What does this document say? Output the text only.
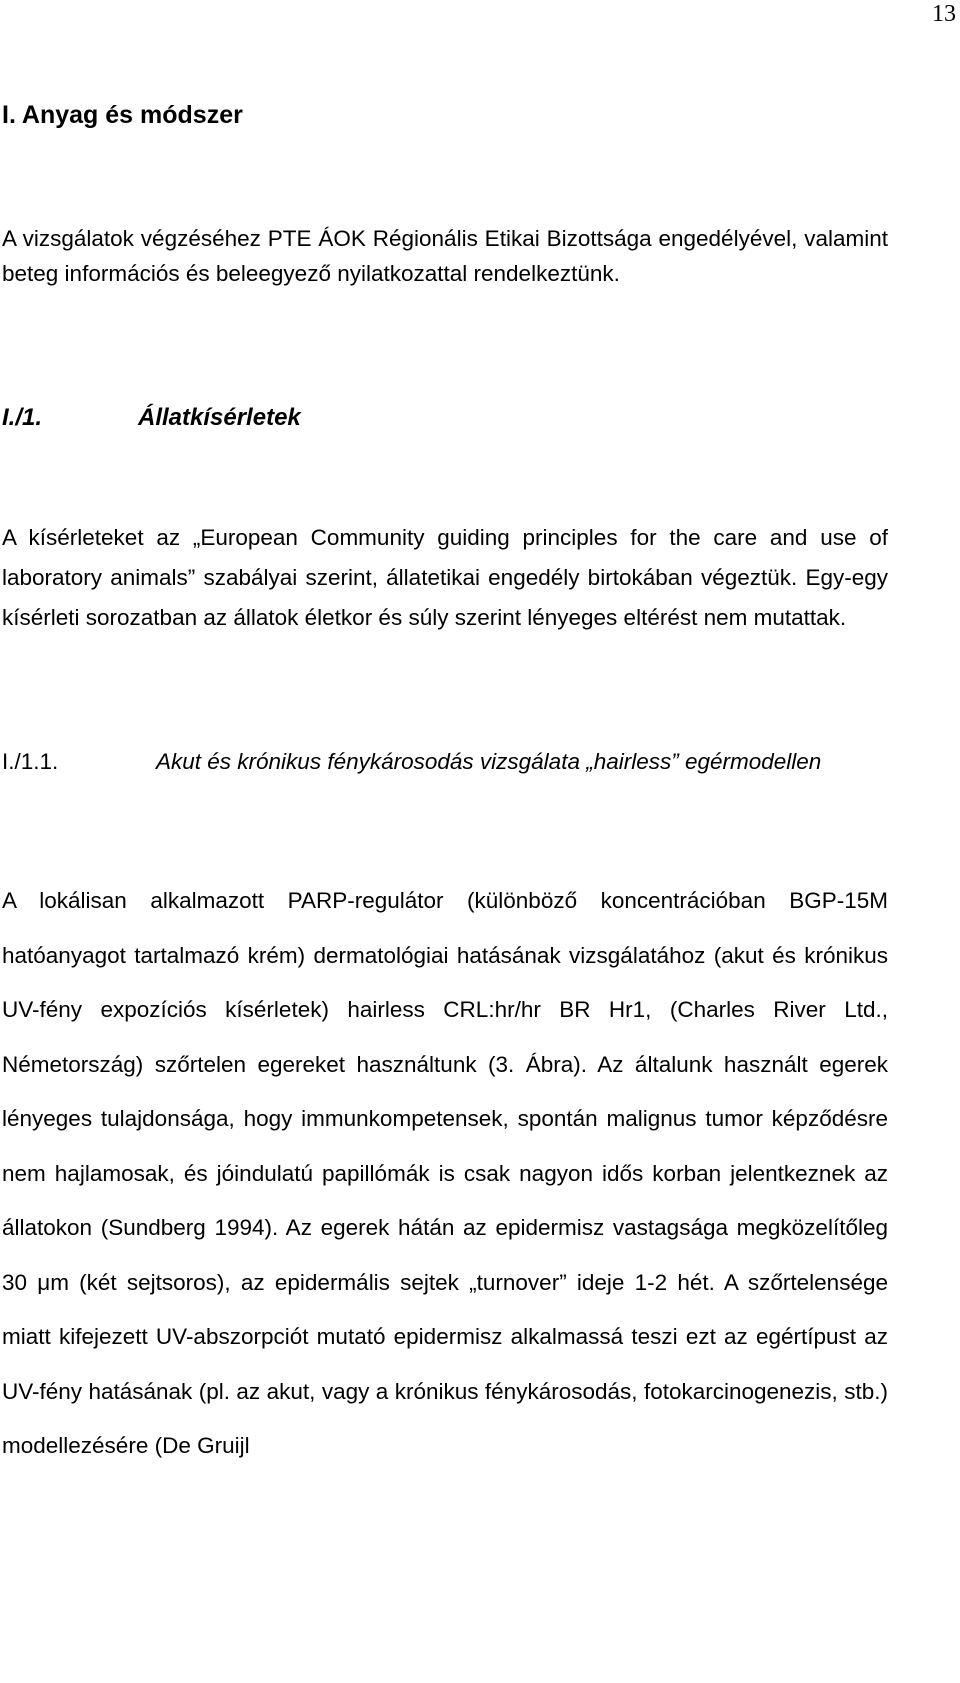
13
I. Anyag és módszer

A vizsgálatok végzéséhez PTE ÁOK Régionális Etikai Bizottsága engedélyével, valamint beteg információs és beleegyező nyilatkozattal rendelkeztünk.

I./1.	Állatkísérletek

A kísérleteket az „European Community guiding principles for the care and use of laboratory animals” szabályai szerint, állatetikai engedély birtokában végeztük. Egy-egy kísérleti sorozatban az állatok életkor és súly szerint lényeges eltérést nem mutattak.

I./1.1.	Akut és krónikus fénykárosodás vizsgálata „hairless” egérmodellen

A lokálisan alkalmazott PARP-regulátor (különböző koncentrációban BGP-15M hatóanyagot tartalmazó krém) dermatológiai hatásának vizsgálatához (akut és krónikus UV-fény expozíciós kísérletek) hairless CRL:hr/hr BR Hr1, (Charles River Ltd., Németország) szőrtelen egereket használtunk (3. Ábra). Az általunk használt egerek lényeges tulajdonsága, hogy immunkompetensek, spontán malignus tumor képződésre nem hajlamosak, és jóindulatú papillómák is csak nagyon idős korban jelentkeznek az állatokon (Sundberg 1994). Az egerek hátán az epidermisz vastagsága megközelítőleg 30 μm (két sejtsoros), az epidermális sejtek „turnover” ideje 1-2 hét. A szőrtelensége miatt kifejezett UV-abszorpciót mutató epidermisz alkalmassá teszi ezt az egértípust az UV-fény hatásának (pl. az akut, vagy a krónikus fénykárosodás, fotokarcinogenezis, stb.) modellezésére (De Gruijl
